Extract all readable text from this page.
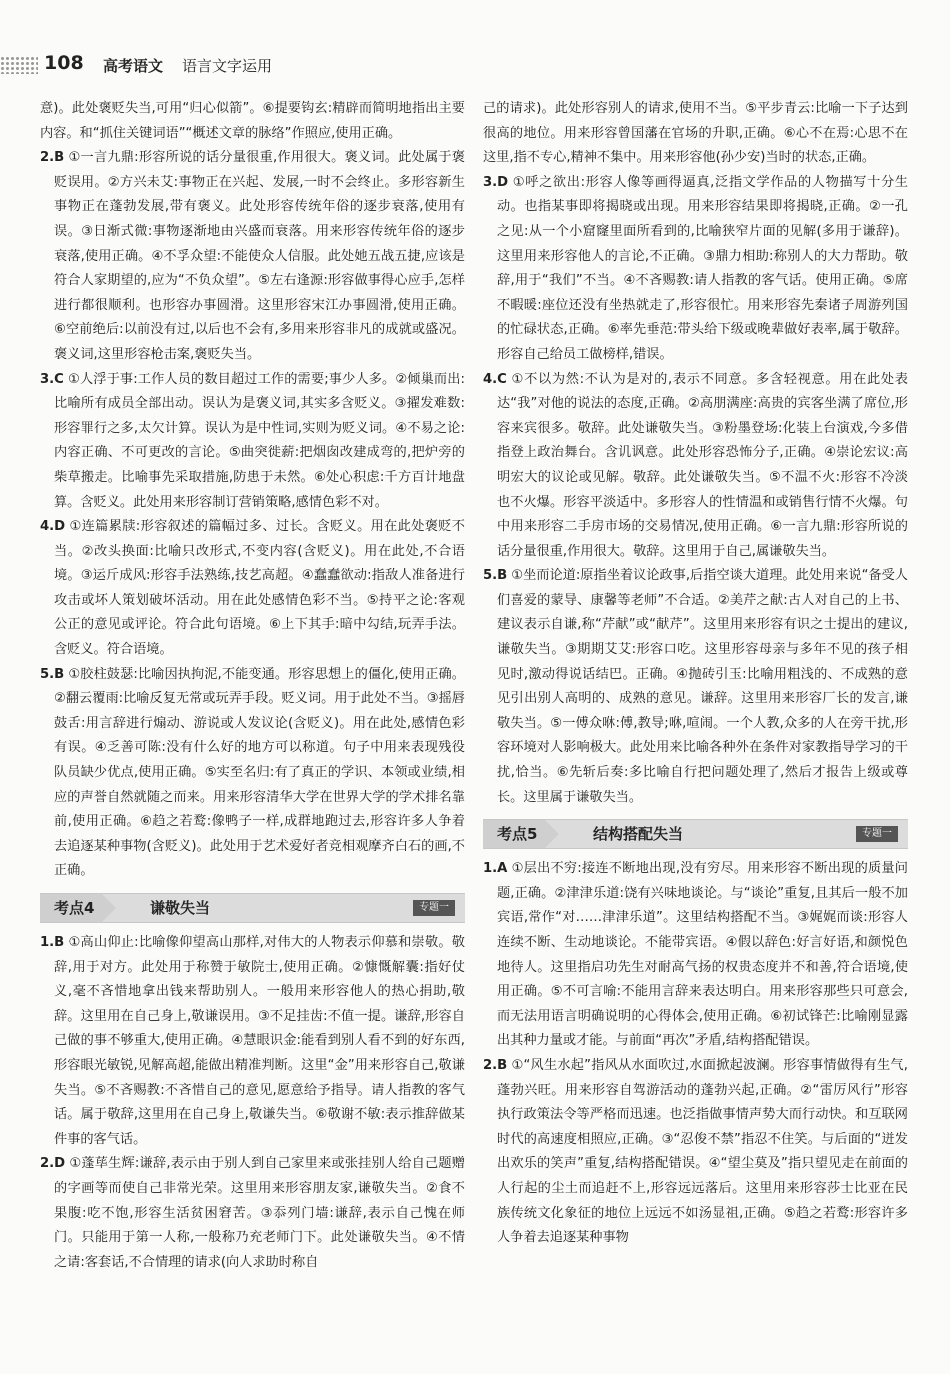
108 高考语文 语言文字运用

意)。此处褒贬失当,可用“归心似箭”。⑥提要钩玄:精辟而简明地指出主要内容。和“抓住关键词语”“概述文章的脉络”作照应,使用正确。

2.B ①一言九鼎:形容所说的话分量很重,作用很大。褒义词。此处属于褒贬误用。②方兴未艾:事物正在兴起、发展,一时不会终止。多形容新生事物正在蓬勃发展,带有褒义。此处形容传统年俗的逐步衰落,使用有误。③日渐式微:事物逐渐地由兴盛而衰落。用来形容传统年俗的逐步衰落,使用正确。④不孚众望:不能使众人信服。此处她五战五捷,应该是符合人家期望的,应为“不负众望”。⑤左右逢源:形容做事得心应手,怎样进行都很顺利。也形容办事圆滑。这里形容宋江办事圆滑,使用正确。⑥空前绝后:以前没有过,以后也不会有,多用来形容非凡的成就或盛况。褒义词,这里形容枪击案,褒贬失当。

3.C ①人浮于事:工作人员的数目超过工作的需要;事少人多。②倾巢而出:比喻所有成员全部出动。误认为是褒义词,其实多含贬义。③擢发难数:形容罪行之多,太欠计算。误认为是中性词,实则为贬义词。④不易之论:内容正确、不可更改的言论。⑤曲突徙薪:把烟囱改建成弯的,把炉旁的柴草搬走。比喻事先采取措施,防患于未然。⑥处心积虑:千方百计地盘算。含贬义。此处用来形容制订营销策略,感情色彩不对。

4.D ①连篇累牍:形容叙述的篇幅过多、过长。含贬义。用在此处褒贬不当。②改头换面:比喻只改形式,不变内容(含贬义)。用在此处,不合语境。③运斤成风:形容手法熟练,技艺高超。④蠢蠢欲动:指敌人准备进行攻击或坏人策划破坏活动。用在此处感情色彩不当。⑤持平之论:客观公正的意见或评论。符合此句语境。⑥上下其手:暗中勾结,玩弄手法。含贬义。符合语境。

5.B ①胶柱鼓瑟:比喻因执拘泥,不能变通。形容思想上的僵化,使用正确。②翻云覆雨:比喻反复无常或玩弄手段。贬义词。用于此处不当。③摇唇鼓舌:用言辞进行煽动、游说或人发议论(含贬义)。用在此处,感情色彩有误。④乏善可陈:没有什么好的地方可以称道。句子中用来表现残役队员缺少优点,使用正确。⑤实至名归:有了真正的学识、本领或业绩,相应的声誉自然就随之而来。用来形容清华大学在世界大学的学术排名靠前,使用正确。⑥趋之若鹜:像鸭子一样,成群地跑过去,形容许多人争着去追逐某种事物(含贬义)。此处用于艺术爱好者竞相观摩齐白石的画,不正确。

考点4	谦敬失当	专题一

1.B ①高山仰止:比喻像仰望高山那样,对伟大的人物表示仰慕和崇敬。敬辞,用于对方。此处用于称赞于敏院士,使用正确。②慷慨解囊:指好仗义,毫不吝惜地拿出钱来帮助别人。一般用来形容他人的热心捐助,敬辞。这里用在自己身上,敬谦误用。③不足挂齿:不值一提。谦辞,形容自己做的事不够重大,使用正确。④慧眼识金:能看到别人看不到的好东西,形容眼光敏锐,见解高超,能做出精准判断。这里“金”用来形容自己,敬谦失当。⑤不吝赐教:不吝惜自己的意见,愿意给予指导。请人指教的客气话。属于敬辞,这里用在自己身上,敬谦失当。⑥敬谢不敏:表示推辞做某件事的客气话。

2.D ①蓬荜生辉:谦辞,表示由于别人到自己家里来或张挂别人给自己题赠的字画等而使自己非常光荣。这里用来形容朋友家,谦敬失当。②食不果腹:吃不饱,形容生活贫困窘苦。③忝列门墙:谦辞,表示自己愧在师门。只能用于第一人称,一般称乃充老师门下。此处谦敬失当。④不情之请:客套话,不合情理的请求(向人求助时称自

己的请求)。此处形容别人的请求,使用不当。⑤平步青云:比喻一下子达到很高的地位。用来形容曾国藩在官场的升职,正确。⑥心不在焉:心思不在这里,指不专心,精神不集中。用来形容他(孙少安)当时的状态,正确。

3.D ①呼之欲出:形容人像等画得逼真,泛指文学作品的人物描写十分生动。也指某事即将揭晓或出现。用来形容结果即将揭晓,正确。②一孔之见:从一个小窟窿里面所看到的,比喻狭窄片面的见解(多用于谦辞)。这里用来形容他人的言论,不正确。③鼎力相助:称别人的大力帮助。敬辞,用于“我们”不当。④不吝赐教:请人指教的客气话。使用正确。⑤席不暇暖:座位还没有坐热就走了,形容很忙。用来形容先秦诸子周游列国的忙碌状态,正确。⑥率先垂范:带头给下级或晚辈做好表率,属于敬辞。形容自己给员工做榜样,错误。

4.C ①不以为然:不认为是对的,表示不同意。多含轻视意。用在此处表达“我”对他的说法的态度,正确。②高朋满座:高贵的宾客坐满了席位,形容来宾很多。敬辞。此处谦敬失当。③粉墨登场:化装上台演戏,今多借指登上政治舞台。含讥讽意。此处形容恐怖分子,正确。④崇论宏议:高明宏大的议论或见解。敬辞。此处谦敬失当。⑤不温不火:形容不冷淡也不火爆。形容平淡适中。多形容人的性情温和或销售行情不火爆。句中用来形容二手房市场的交易情况,使用正确。⑥一言九鼎:形容所说的话分量很重,作用很大。敬辞。这里用于自己,属谦敬失当。

5.B ①坐而论道:原指坐着议论政事,后指空谈大道理。此处用来说“备受人们喜爱的蒙导、康馨等老师”不合适。②美芹之献:古人对自己的上书、建议表示自谦,称“芹献”或“献芹”。这里用来形容有识之士提出的建议,谦敬失当。③期期艾艾:形容口吃。这里形容母亲与多年不见的孩子相见时,激动得说话结巴。正确。④抛砖引玉:比喻用粗浅的、不成熟的意见引出别人高明的、成熟的意见。谦辞。这里用来形容厂长的发言,谦敬失当。⑤一傅众咻:傅,教导;咻,喧闹。一个人教,众多的人在旁干扰,形容环境对人影响极大。此处用来比喻各种外在条件对家教指导学习的干扰,恰当。⑥先斩后奏:多比喻自行把问题处理了,然后才报告上级或尊长。这里属于谦敬失当。

考点5	结构搭配失当	专题一

1.A ①层出不穷:接连不断地出现,没有穷尽。用来形容不断出现的质量问题,正确。②津津乐道:饶有兴味地谈论。与“谈论”重复,且其后一般不加宾语,常作“对……津津乐道”。这里结构搭配不当。③娓娓而谈:形容人连续不断、生动地谈论。不能带宾语。④假以辞色:好言好语,和颜悦色地待人。这里指启功先生对耐高气扬的权贵态度并不和善,符合语境,使用正确。⑤不可言喻:不能用言辞来表达明白。用来形容那些只可意会,而无法用语言明确说明的心得体会,使用正确。⑥初试锋芒:比喻刚显露出其种力量或才能。与前面“再次”矛盾,结构搭配错误。

2.B ①“风生水起”指风从水面吹过,水面掀起波澜。形容事情做得有生气,蓬勃兴旺。用来形容自驾游活动的蓬勃兴起,正确。②“雷厉风行”形容执行政策法令等严格而迅速。也泛指做事情声势大而行动快。和互联网时代的高速度相照应,正确。③“忍俊不禁”指忍不住笑。与后面的“迸发出欢乐的笑声”重复,结构搭配错误。④“望尘莫及”指只望见走在前面的人行起的尘土而追赶不上,形容远远落后。这里用来形容莎士比亚在民族传统文化象征的地位上远远不如汤显祖,正确。⑤趋之若鹜:形容许多人争着去追逐某种事物
